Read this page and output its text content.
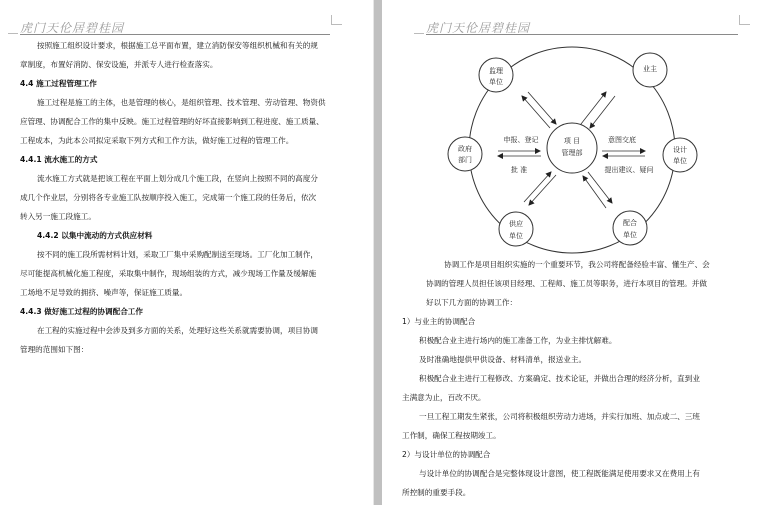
虎门天伦居碧桂园
按照施工组织设计要求，根据施工总平面布置，建立消防保安等组织机械和有关的规
章制度，布置好消防、保安设施，并派专人进行检查落实。
4.4 施工过程管理工作
施工过程是施工的主体，也是管理的核心，是组织管理、技术管理、劳动管理、物资供
应管理、协调配合工作的集中反映。施工过程管理的好坏直接影响到工程进度、施工质量、
工程成本，为此本公司拟定采取下列方式和工作方法，做好施工过程的管理工作。
4.4.1 流水施工的方式
流水施工方式就是把该工程在平面上划分成几个施工段，在竖向上按照不同的高度分
成几个作业层，分别将各专业施工队按顺序投入施工，完成第一个施工段的任务后，依次
转入另一施工段施工。
4.4.2 以集中流动的方式供应材料
按不同的施工段所需材料计划，采取工厂集中采购配制送至现场。工厂化加工制作，
尽可能提高机械化施工程度，采取集中制作，现场组装的方式，减少现场工作量及缓解施
工场地不足导致的拥挤、噪声等，保证施工质量。
4.4.3 做好施工过程的协调配合工作
在工程的实施过程中会涉及到多方面的关系，处理好这些关系就需要协调，项目协调
管理的范围如下图：
虎门天伦居碧桂园
项 目
管理部
监理
单位
业主
政府
部门
设计
单位
供应
单位
配合
单位
申报、登记
批 准
意图交底
提出建议、疑问
协调工作是项目组织实施的一个重要环节，我公司将配备经验丰富、懂生产、会
协调的管理人员担任该项目经理、工程师、施工员等职务，进行本项目的管理。并做
好以下几方面的协调工作：
1）与业主的协调配合
积极配合业主进行场内的施工准备工作，为业主排忧解难。
及时准确地提供甲供设备、材料清单，报送业主。
积极配合业主进行工程修改、方案确定、技术论证，并做出合理的经济分析，直到业
主满意为止，百改不厌。
一旦工程工期发生紧张，公司将积极组织劳动力进场，并实行加班、加点或二、三班
工作制，确保工程按期竣工。
2）与设计单位的协调配合
与设计单位的协调配合是完整体现设计意图，使工程既能满足使用要求又在费用上有
所控制的重要手段。
